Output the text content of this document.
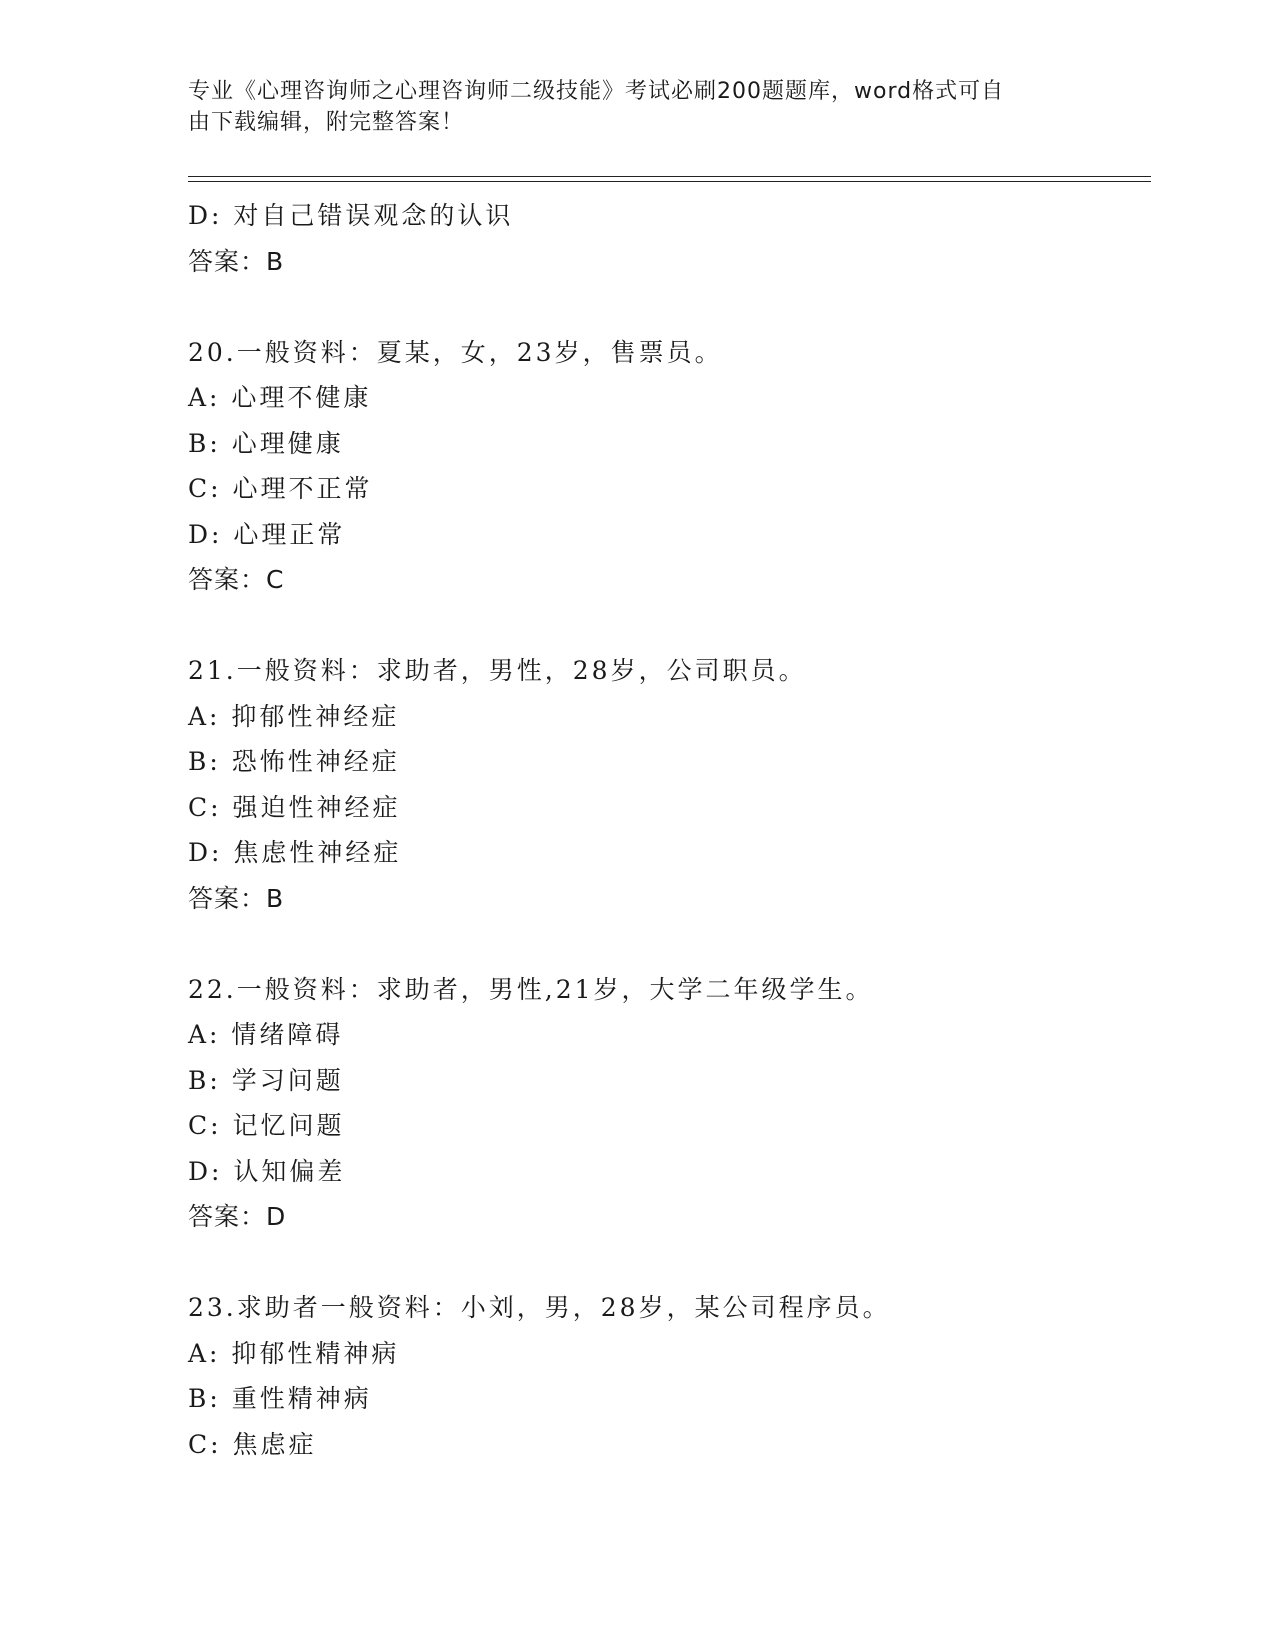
专业《心理咨询师之心理咨询师二级技能》考试必刷200题题库，word格式可自
由下载编辑，附完整答案！
D: 对自己错误观念的认识
答案：B
20.一般资料：夏某，女，23岁，售票员。
A: 心理不健康
B: 心理健康
C: 心理不正常
D: 心理正常
答案：C
21.一般资料：求助者，男性，28岁，公司职员。
A: 抑郁性神经症
B: 恐怖性神经症
C: 强迫性神经症
D: 焦虑性神经症
答案：B
22.一般资料：求助者，男性,21岁，大学二年级学生。
A: 情绪障碍
B: 学习问题
C: 记忆问题
D: 认知偏差
答案：D
23.求助者一般资料：小刘，男，28岁，某公司程序员。
A: 抑郁性精神病
B: 重性精神病
C: 焦虑症
